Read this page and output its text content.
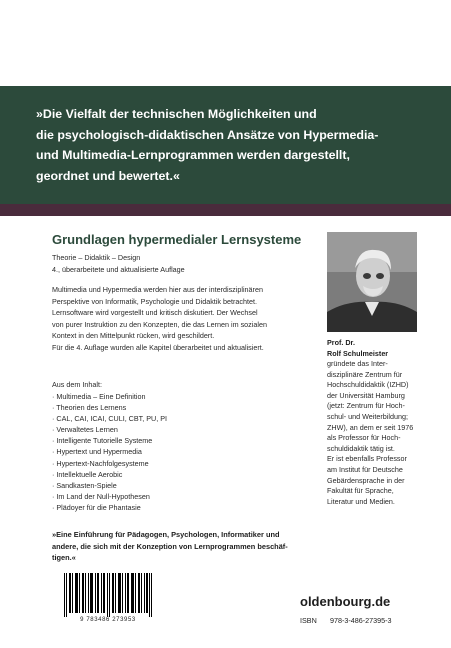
»Die Vielfalt der technischen Möglichkeiten und
die psychologisch-didaktischen Ansätze von Hypermedia-
und Multimedia-Lernprogrammen werden dargestellt,
geordnet und bewertet.«
Grundlagen hypermedialer Lernsysteme
Theorie – Didaktik – Design
4., überarbeitete und aktualisierte Auflage
Multimedia und Hypermedia werden hier aus der interdisziplinären
Perspektive von Informatik, Psychologie und Didaktik betrachtet.
Lernsoftware wird vorgestellt und kritisch diskutiert. Der Wechsel
von purer Instruktion zu den Konzepten, die das Lernen im sozialen
Kontext in den Mittelpunkt rücken, wird geschildert.
Für die 4. Auflage wurden alle Kapitel überarbeitet und aktualisiert.
Aus dem Inhalt:
· Multimedia – Eine Definition
· Theorien des Lernens
· CAL, CAI, ICAI, CULI, CBT, PU, PI
· Verwaltetes Lernen
· Intelligente Tutorielle Systeme
· Hypertext und Hypermedia
· Hypertext-Nachfolgesysteme
· Intellektuelle Aerobic
· Sandkasten-Spiele
· Im Land der Null-Hypothesen
· Plädoyer für die Phantasie
Prof. Dr.
Rolf Schulmeister
gründete das Inter-
disziplinäre Zentrum für
Hochschuldidaktik (IZHD)
der Universität Hamburg
(jetzt: Zentrum für Hoch-
schul- und Weiterbildung;
ZHW), an dem er seit 1976
als Professor für Hoch-
schuldidaktik tätig ist.
Er ist ebenfalls Professor
am Institut für Deutsche
Gebärdensprache in der
Fakultät für Sprache,
Literatur und Medien.
»Eine Einführung für Pädagogen, Psychologen, Informatiker und
andere, die sich mit der Konzeption von Lernprogrammen beschäf-
tigen.«
9 783486 273953
oldenbourg.de
ISBN 978-3-486-27395-3
